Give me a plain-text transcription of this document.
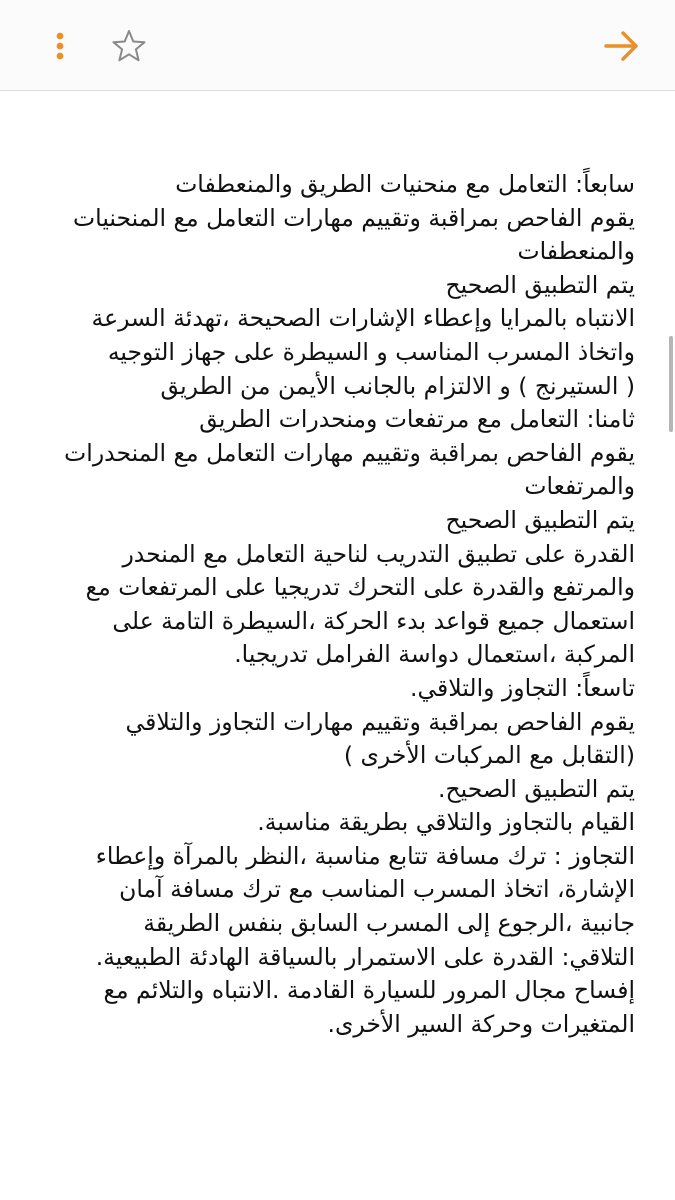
سابعاً: التعامل مع منحنيات الطريق والمنعطفات
يقوم الفاحص بمراقبة وتقييم مهارات التعامل مع المنحنيات
والمنعطفات
يتم التطبيق الصحيح
الانتباه بالمرايا وإعطاء الإشارات الصحيحة ،تهدئة السرعة
واتخاذ المسرب المناسب و السيطرة على جهاز التوجيه
( الستيرنج ) و الالتزام بالجانب الأيمن من الطريق
ثامنا: التعامل مع مرتفعات ومنحدرات الطريق
يقوم الفاحص بمراقبة وتقييم مهارات التعامل مع المنحدرات
والمرتفعات
يتم التطبيق الصحيح
القدرة على تطبيق التدريب لناحية التعامل مع المنحدر
والمرتفع والقدرة على التحرك تدريجيا على المرتفعات مع
استعمال جميع قواعد بدء الحركة ،السيطرة التامة على
المركبة ،استعمال دواسة الفرامل تدريجيا.
تاسعاً: التجاوز والتلاقي.
يقوم الفاحص بمراقبة وتقييم مهارات التجاوز والتلاقي
(التقابل مع المركبات الأخرى )
يتم التطبيق الصحيح.
القيام بالتجاوز والتلاقي بطريقة مناسبة.
التجاوز : ترك مسافة تتابع مناسبة ،النظر بالمرآة وإعطاء
الإشارة، اتخاذ المسرب المناسب مع ترك مسافة آمان
جانبية ،الرجوع إلى المسرب السابق بنفس الطريقة
التلاقي: القدرة على الاستمرار بالسياقة الهادئة الطبيعية.
إفساح مجال المرور للسيارة القادمة .الانتباه والتلائم مع
المتغيرات وحركة السير الأخرى.
